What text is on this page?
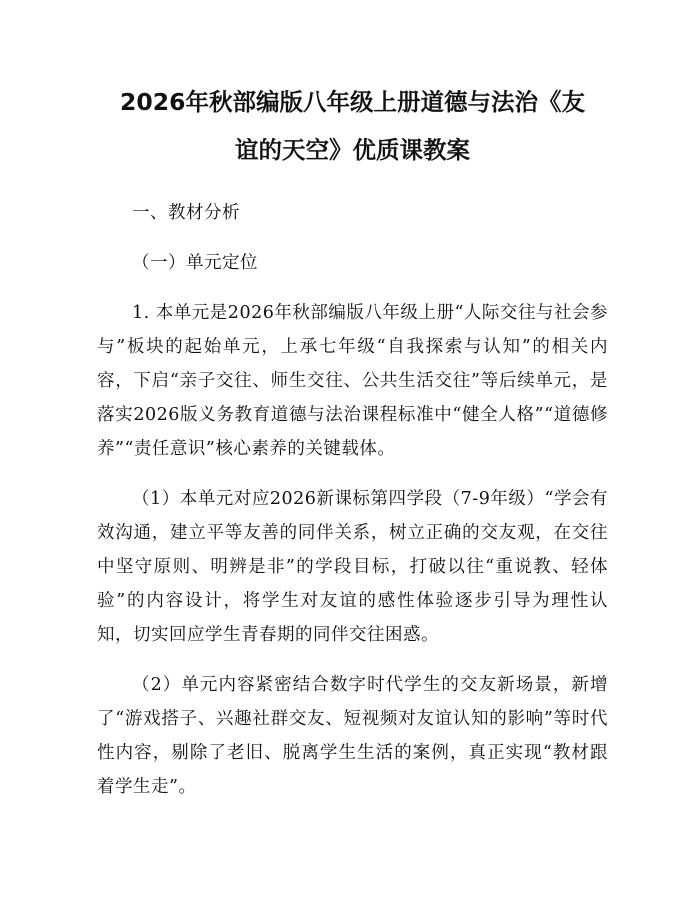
2026年秋部编版八年级上册道德与法治《友
谊的天空》优质课教案

一、教材分析

（一）单元定位

1. 本单元是2026年秋部编版八年级上册“人际交往与社会参与”板块的起始单元，上承七年级“自我探索与认知”的相关内容，下启“亲子交往、师生交往、公共生活交往”等后续单元，是落实2026版义务教育道德与法治课程标准中“健全人格”“道德修养”“责任意识”核心素养的关键载体。

（1）本单元对应2026新课标第四学段（7-9年级）“学会有效沟通，建立平等友善的同伴关系，树立正确的交友观，在交往中坚守原则、明辨是非”的学段目标，打破以往“重说教、轻体验”的内容设计，将学生对友谊的感性体验逐步引导为理性认知，切实回应学生青春期的同伴交往困惑。

（2）单元内容紧密结合数字时代学生的交友新场景，新增了“游戏搭子、兴趣社群交友、短视频对友谊认知的影响”等时代性内容，剔除了老旧、脱离学生生活的案例，真正实现“教材跟着学生走”。
